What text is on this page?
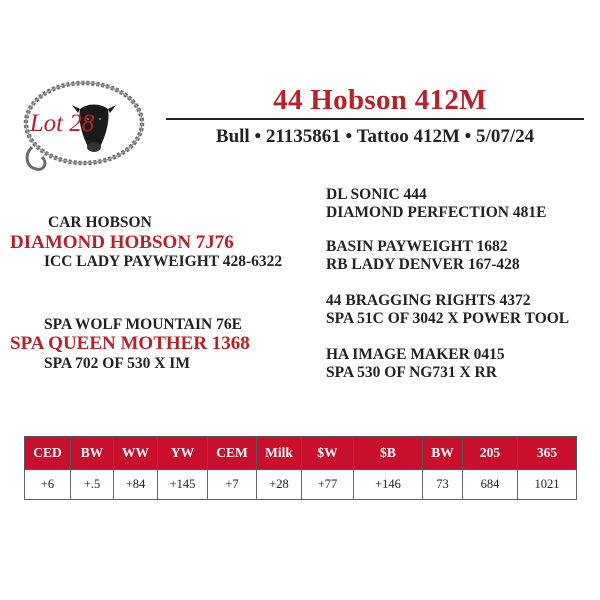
Lot 28
44 Hobson 412M
Bull • 21135861 • Tattoo 412M • 5/07/24
CAR HOBSON
DIAMOND HOBSON 7J76
ICC LADY PAYWEIGHT 428-6322
SPA WOLF MOUNTAIN 76E
SPA QUEEN MOTHER 1368
SPA 702 OF 530 X IM
DL SONIC 444
DIAMOND PERFECTION 481E
BASIN PAYWEIGHT 1682
RB LADY DENVER 167-428
44 BRAGGING RIGHTS 4372
SPA 51C OF 3042 X POWER TOOL
HA IMAGE MAKER 0415
SPA 530 OF NG731 X RR
CED	BW	WW	YW	CEM	Milk	$W	$B	BW	205	365
+6	+.5	+84	+145	+7	+28	+77	+146	73	684	1021
